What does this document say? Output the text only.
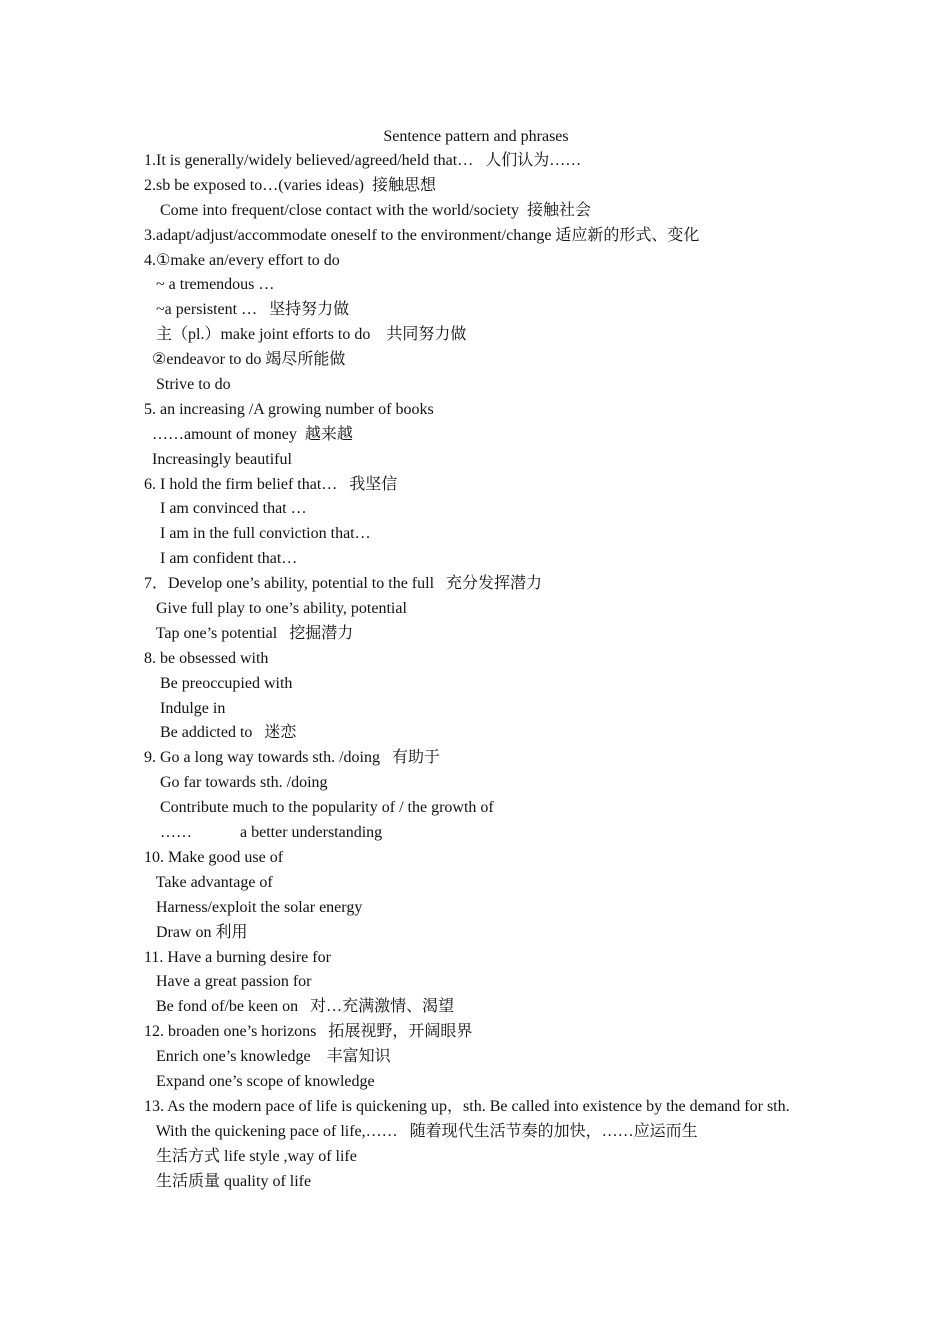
Sentence pattern and phrases
1.It is generally/widely believed/agreed/held that…   人们认为……
2.sb be exposed to…(varies ideas)  接触思想
Come into frequent/close contact with the world/society  接触社会
3.adapt/adjust/accommodate oneself to the environment/change 适应新的形式、变化
4.①make an/every effort to do
~ a tremendous …
~a persistent …   坚持努力做
主（pl.）make joint efforts to do    共同努力做
②endeavor to do 竭尽所能做
Strive to do
5. an increasing /A growing number of books
……amount of money  越来越
Increasingly beautiful
6. I hold the firm belief that…   我坚信
I am convinced that …
I am in the full conviction that…
I am confident that…
7．Develop one’s ability, potential to the full   充分发挥潜力
Give full play to one’s ability, potential
Tap one’s potential   挖掘潜力
8. be obsessed with
Be preoccupied with
Indulge in
Be addicted to   迷恋
9. Go a long way towards sth. /doing   有助于
Go far towards sth. /doing
Contribute much to the popularity of / the growth of
……            a better understanding
10. Make good use of
Take advantage of
Harness/exploit the solar energy
Draw on 利用
11. Have a burning desire for
Have a great passion for
Be fond of/be keen on   对…充满激情、渴望
12. broaden one’s horizons   拓展视野，开阔眼界
Enrich one’s knowledge    丰富知识
Expand one’s scope of knowledge
13. As the modern pace of life is quickening up，sth. Be called into existence by the demand for sth.
With the quickening pace of life,……   随着现代生活节奏的加快，……应运而生
生活方式 life style ,way of life
生活质量 quality of life
